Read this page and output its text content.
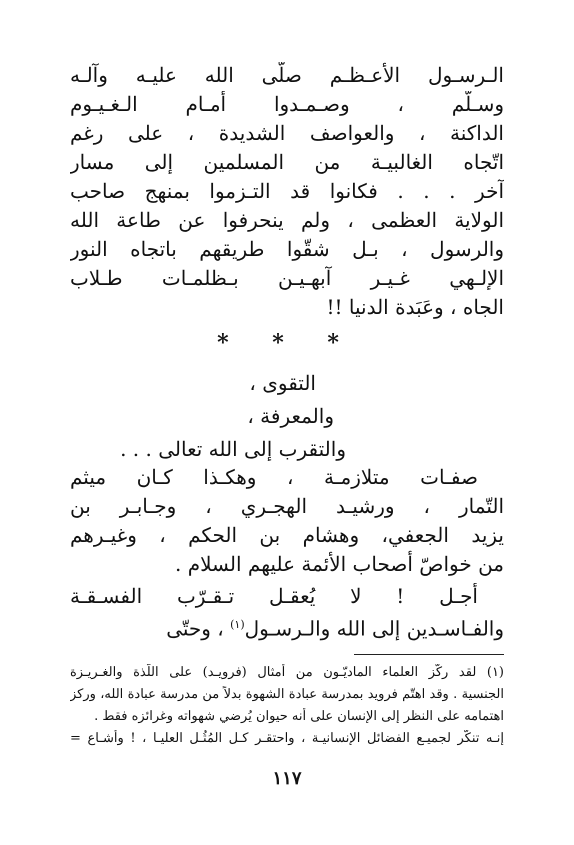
الـرسـول الأعـظـم صلّى الله عليـه وآلـه
وسـلّم ، وصـمـدوا أمـام الـغـيـوم
الداكنة ، والعواصف الشديدة ، على رغم
اتّجاه الغالبيـة من المسلمين إلى مسار
آخر . . . فكانوا قد التـزموا بمنهج صاحب
الولاية العظمى ، ولم ينحرفوا عن طاعة الله
والرسول ، بـل شقّوا طريقهم باتجاه النور
الإلـهي غـيـر آبهـيـن بـظلمـات طـلاب
الجاه ، وعَبَدة الدنيا !!
* * *
التقوى ،
والمعرفة ،
والتقرب إلى الله تعالى . . .
صفـات متلازمـة ، وهكـذا كـان ميثم
التّمار ، ورشيـد الهجـري ، وجـابـر بن
يزيد الجعفي، وهشام بن الحكم ، وغيـرهم
من خواصّ أصحاب الأئمة عليهم السلام .
أجـل ! لا يُعقـل تـقـرّب الفسـقـة
والفـاسـدين إلى الله والـرسـول$^{(١)}$ ، وحتّى
(١) لقد ركّز العلماء الماديّـون من أمثال (فرويـد) على اللّذة والغـريـزة
الجنسية . وقد اهتّم فرويد بمدرسة عبادة الشهوة بدلاً من مدرسة عبادة الله، وركز
اهتمامه على النظر إلى الإنسان على أنه حيوان يُرضي شهواته وغرائزه فقط .
إنـه تنكّر لجميـع الفضائل الإنسانيـة ، واحتقـر كـل المُثُـل العليـا ، ! وأشـاع =
١١٧
